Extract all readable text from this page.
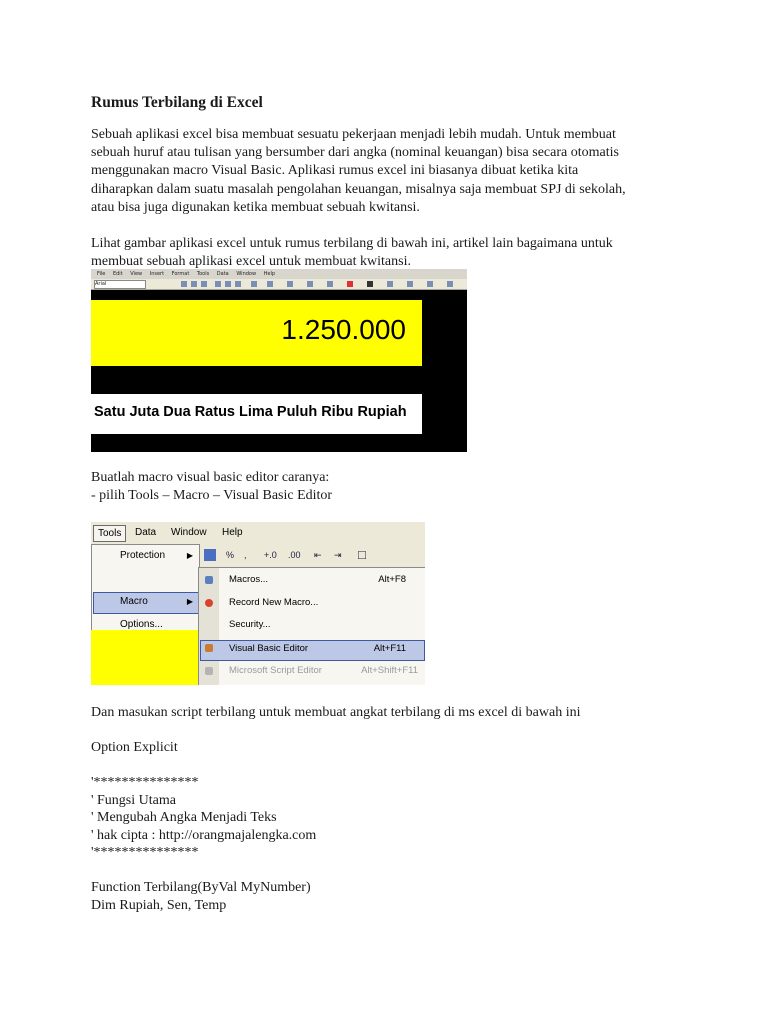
Rumus Terbilang di Excel
Sebuah aplikasi excel bisa membuat sesuatu pekerjaan menjadi lebih mudah. Untuk membuat
sebuah huruf atau tulisan yang bersumber dari angka (nominal keuangan) bisa secara otomatis
menggunakan macro Visual Basic. Aplikasi rumus excel ini biasanya dibuat ketika kita
diharapkan dalam suatu masalah pengolahan keuangan, misalnya saja membuat SPJ di sekolah,
atau bisa juga digunakan ketika membuat sebuah kwitansi.
Lihat gambar aplikasi excel untuk rumus terbilang di bawah ini, artikel lain bagaimana untuk
membuat sebuah aplikasi excel untuk membuat kwitansi.
Buatlah macro visual basic editor caranya:
- pilih Tools – Macro – Visual Basic Editor
Dan masukan script terbilang untuk membuat angkat terbilang di ms excel di bawah ini
File Edit View Insert Format Tools Data Window Help
Arial
1.250.000
Satu Juta Dua Ratus Lima Puluh Ribu Rupiah
Tools	Data Window Help
% , +.0 .00 ⇤ ⇥ □
Protection	▶
Macro	▶
Options...
Macros...	Alt+F8
Record New Macro...
Security...
Visual Basic Editor	Alt+F11
Microsoft Script Editor	Alt+Shift+F11
Option Explicit

'***************
' Fungsi Utama
' Mengubah Angka Menjadi Teks
' hak cipta : http://orangmajalengka.com
'***************

Function Terbilang(ByVal MyNumber)
Dim Rupiah, Sen, Temp
